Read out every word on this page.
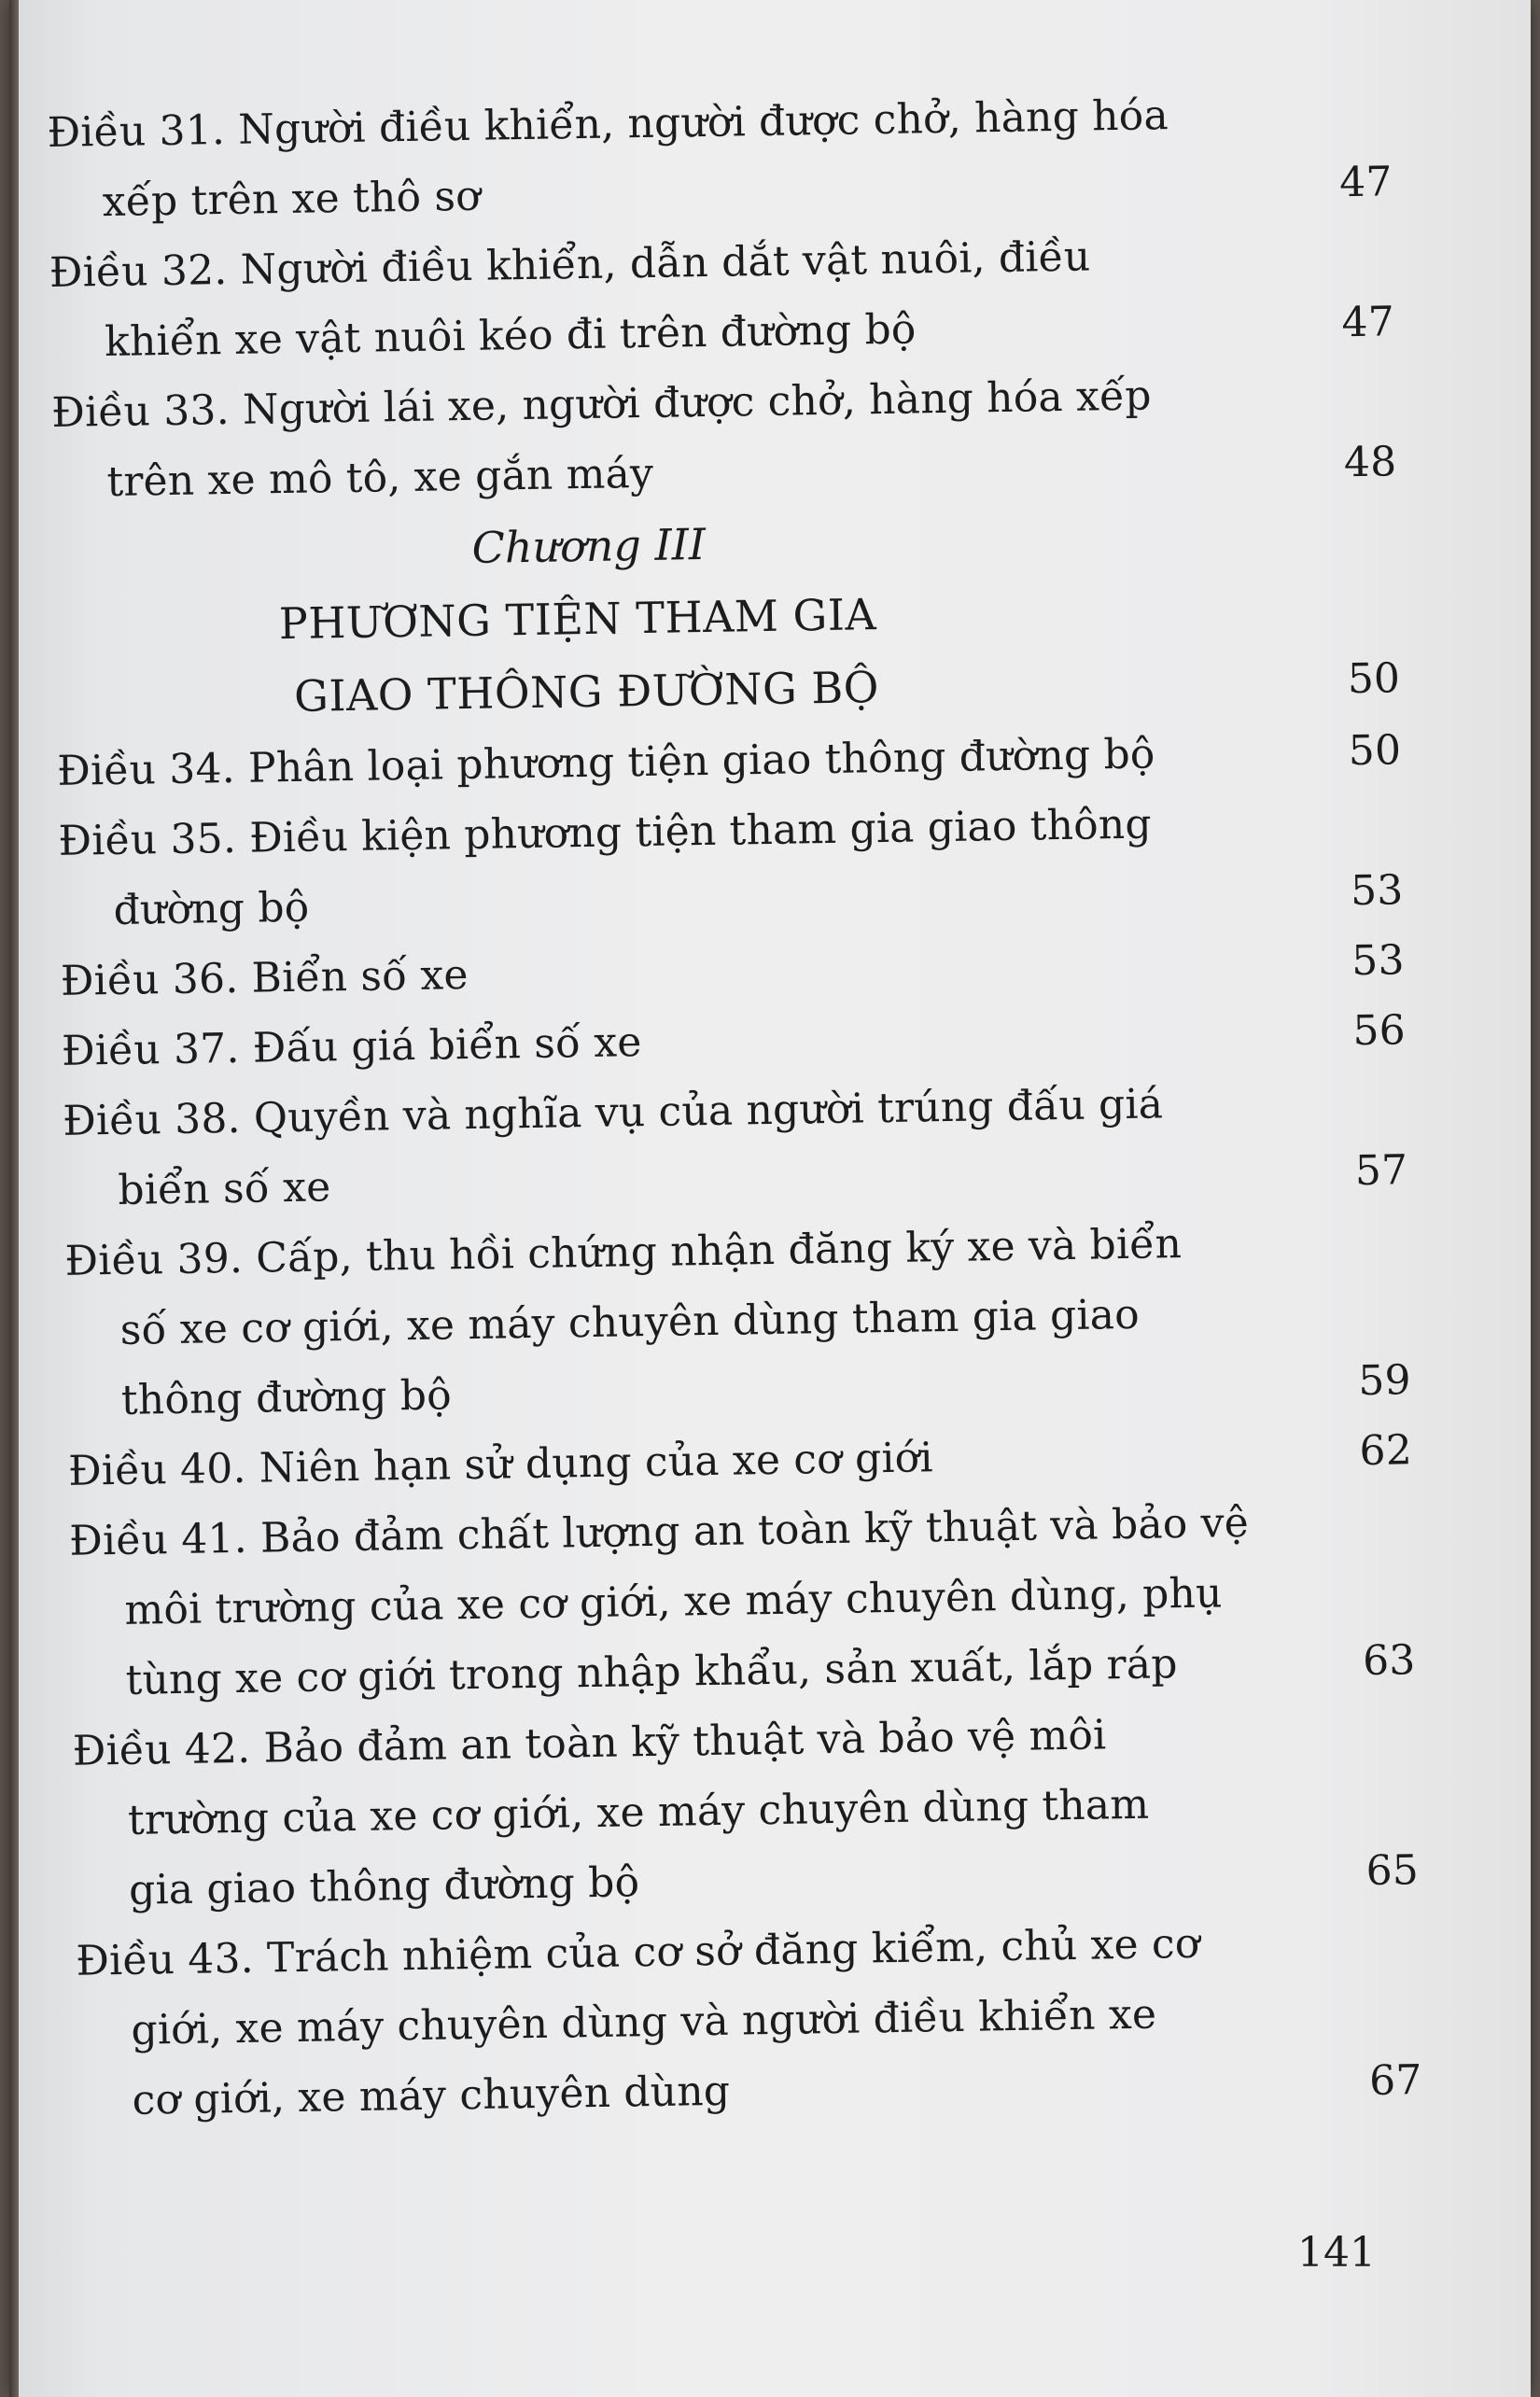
Điều 31. Người điều khiển, người được chở, hàng hóa
xếp trên xe thô sơ	47
Điều 32. Người điều khiển, dẫn dắt vật nuôi, điều
khiển xe vật nuôi kéo đi trên đường bộ	47
Điều 33. Người lái xe, người được chở, hàng hóa xếp
trên xe mô tô, xe gắn máy	48
Chương III
PHƯƠNG TIỆN THAM GIA
GIAO THÔNG ĐƯỜNG BỘ	50
Điều 34. Phân loại phương tiện giao thông đường bộ	50
Điều 35. Điều kiện phương tiện tham gia giao thông
đường bộ	53
Điều 36. Biển số xe	53
Điều 37. Đấu giá biển số xe	56
Điều 38. Quyền và nghĩa vụ của người trúng đấu giá
biển số xe	57
Điều 39. Cấp, thu hồi chứng nhận đăng ký xe và biển
số xe cơ giới, xe máy chuyên dùng tham gia giao
thông đường bộ	59
Điều 40. Niên hạn sử dụng của xe cơ giới	62
Điều 41. Bảo đảm chất lượng an toàn kỹ thuật và bảo vệ
môi trường của xe cơ giới, xe máy chuyên dùng, phụ
tùng xe cơ giới trong nhập khẩu, sản xuất, lắp ráp	63
Điều 42. Bảo đảm an toàn kỹ thuật và bảo vệ môi
trường của xe cơ giới, xe máy chuyên dùng tham
gia giao thông đường bộ	65
Điều 43. Trách nhiệm của cơ sở đăng kiểm, chủ xe cơ
giới, xe máy chuyên dùng và người điều khiển xe
cơ giới, xe máy chuyên dùng	67
141
